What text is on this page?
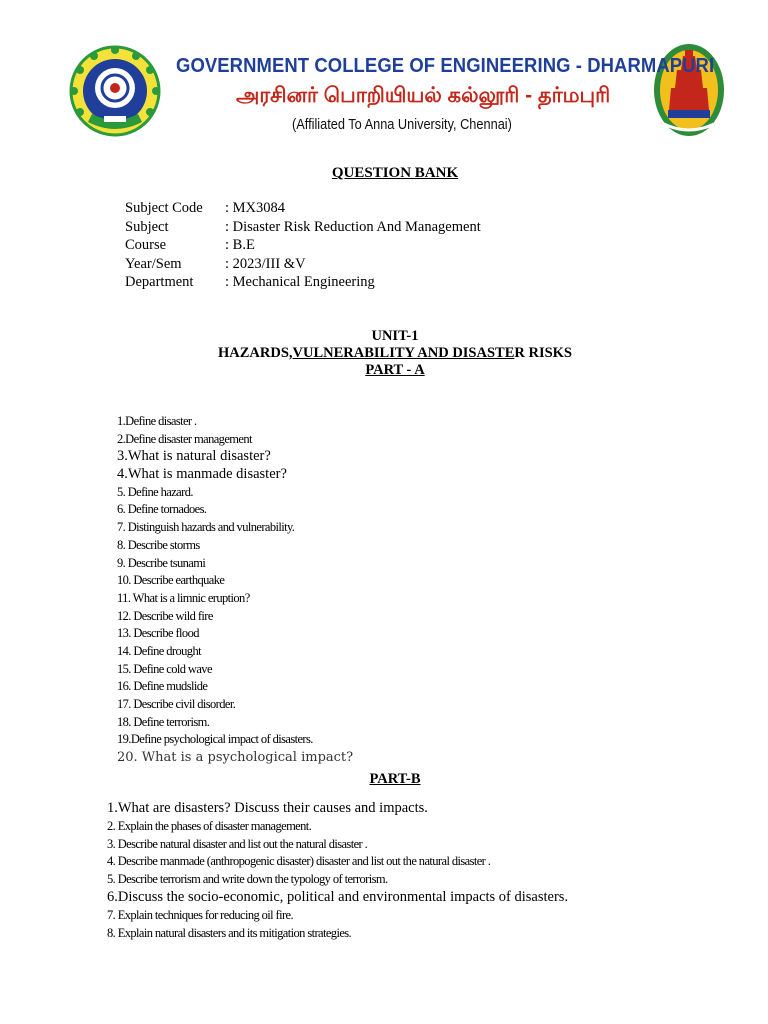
GOVERNMENT COLLEGE OF ENGINEERING - DHARMAPURI
அரசினர் பொறியியல் கல்லூரி - தர்மபுரி
(Affiliated To Anna University, Chennai)
QUESTION BANK
Subject Code	: MX3084
Subject	: Disaster Risk Reduction And Management
Course	: B.E
Year/Sem	: 2023/III &V
Department	: Mechanical Engineering
UNIT-1
HAZARDS,VULNERABILITY AND DISASTER RISKS
PART - A
1.Define disaster .
2.Define disaster management
3.What is natural disaster?
4.What is manmade disaster?
5. Define hazard.
6. Define tornadoes.
7. Distinguish hazards and vulnerability.
8. Describe storms
9. Describe tsunami
10. Describe earthquake
11. What is a limnic eruption?
12. Describe wild fire
13. Describe flood
14. Define drought
15. Define cold wave
16. Define mudslide
17. Describe civil disorder.
18. Define terrorism.
19.Define psychological impact of disasters.
20. What is a psychological impact?
PART-B
1.What are disasters? Discuss their causes and impacts.
2. Explain the phases of disaster management.
3. Describe natural disaster and list out the natural disaster .
4. Describe manmade (anthropogenic disaster) disaster and list out the natural disaster .
5. Describe terrorism and write down the typology of terrorism.
6.Discuss the socio-economic, political and environmental impacts of disasters.
7. Explain techniques for reducing oil fire.
8. Explain natural disasters and its mitigation strategies.
